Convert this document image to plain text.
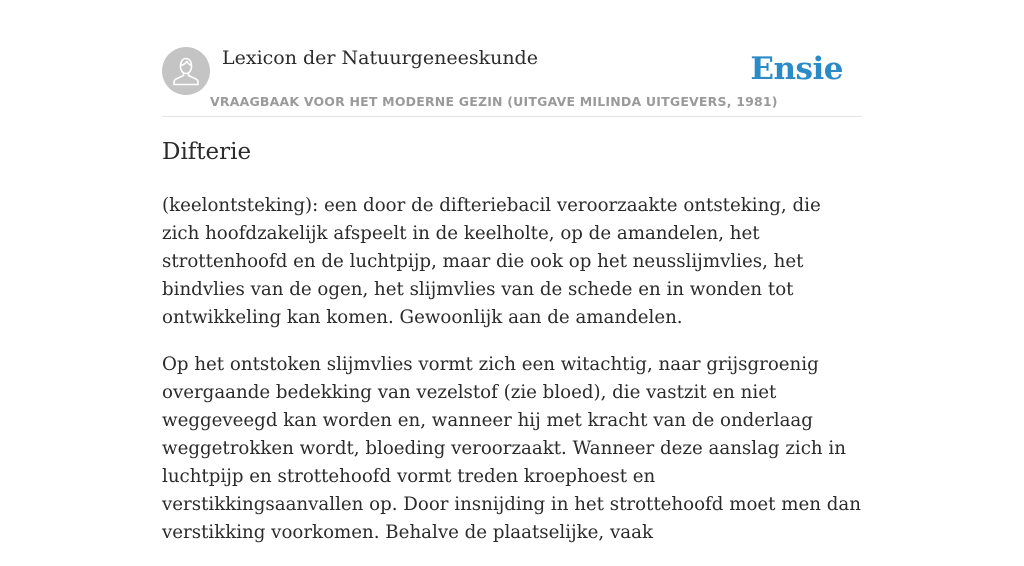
Lexicon der Natuurgeneeskunde
VRAAGBAAK VOOR HET MODERNE GEZIN (UITGAVE MILINDA UITGEVERS, 1981)
Ensie
Difterie

(keelontsteking): een door de difteriebacil veroorzaakte ontsteking, die zich hoofdzakelijk afspeelt in de keelholte, op de amandelen, het strottenhoofd en de luchtpijp, maar die ook op het neusslijmvlies, het bindvlies van de ogen, het slijmvlies van de schede en in wonden tot ontwikkeling kan komen. Gewoonlijk aan de amandelen.

Op het ontstoken slijmvlies vormt zich een witachtig, naar grijsgroenig overgaande bedekking van vezelstof (zie bloed), die vastzit en niet weggeveegd kan worden en, wanneer hij met kracht van de onderlaag weggetrokken wordt, bloeding veroorzaakt. Wanneer deze aanslag zich in luchtpijp en strottehoofd vormt treden kroephoest en verstikkingsaanvallen op. Door insnijding in het strottehoofd moet men dan verstikking voorkomen. Behalve de plaatselijke, vaak
